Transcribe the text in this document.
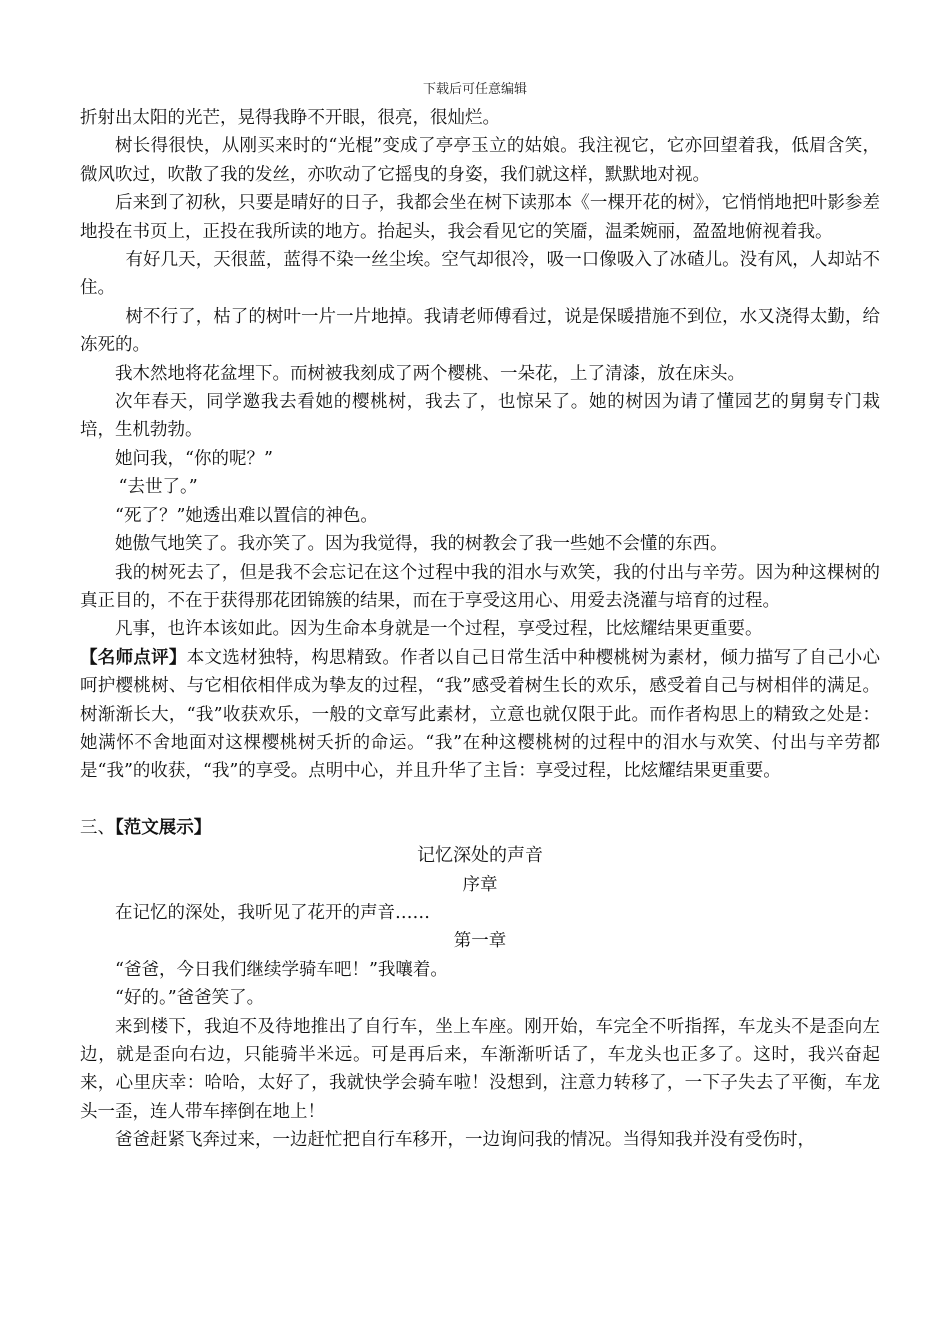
下载后可任意编辑

折射出太阳的光芒，晃得我睁不开眼，很亮，很灿烂。

树长得很快，从刚买来时的“光棍”变成了亭亭玉立的姑娘。我注视它，它亦回望着我，低眉含笑，微风吹过，吹散了我的发丝，亦吹动了它摇曳的身姿，我们就这样，默默地对视。

后来到了初秋，只要是晴好的日子，我都会坐在树下读那本《一棵开花的树》，它悄悄地把叶影参差地投在书页上，正投在我所读的地方。抬起头，我会看见它的笑靥，温柔婉丽，盈盈地俯视着我。

有好几天，天很蓝，蓝得不染一丝尘埃。空气却很冷，吸一口像吸入了冰碴儿。没有风，人却站不住。

树不行了，枯了的树叶一片一片地掉。我请老师傅看过，说是保暖措施不到位，水又浇得太勤，给冻死的。

我木然地将花盆埋下。而树被我刻成了两个樱桃、一朵花，上了清漆，放在床头。

次年春天，同学邀我去看她的樱桃树，我去了，也惊呆了。她的树因为请了懂园艺的舅舅专门栽培，生机勃勃。

她问我，“你的呢？”

“去世了。”

“死了？”她透出难以置信的神色。

她傲气地笑了。我亦笑了。因为我觉得，我的树教会了我一些她不会懂的东西。

我的树死去了，但是我不会忘记在这个过程中我的泪水与欢笑，我的付出与辛劳。因为种这棵树的真正目的，不在于获得那花团锦簇的结果，而在于享受这用心、用爱去浇灌与培育的过程。

凡事，也许本该如此。因为生命本身就是一个过程，享受过程，比炫耀结果更重要。

【名师点评】本文选材独特，构思精致。作者以自己日常生活中种樱桃树为素材，倾力描写了自己小心呵护樱桃树、与它相依相伴成为挚友的过程，“我”感受着树生长的欢乐，感受着自己与树相伴的满足。树渐渐长大，“我”收获欢乐，一般的文章写此素材，立意也就仅限于此。而作者构思上的精致之处是：她满怀不舍地面对这棵樱桃树夭折的命运。“我”在种这樱桃树的过程中的泪水与欢笑、付出与辛劳都是“我”的收获，“我”的享受。点明中心，并且升华了主旨：享受过程，比炫耀结果更重要。

三、【范文展示】

记忆深处的声音

序章

在记忆的深处，我听见了花开的声音……

第一章

“爸爸，今日我们继续学骑车吧！”我嚷着。

“好的。”爸爸笑了。

来到楼下，我迫不及待地推出了自行车，坐上车座。刚开始，车完全不听指挥，车龙头不是歪向左边，就是歪向右边，只能骑半米远。可是再后来，车渐渐听话了，车龙头也正多了。这时，我兴奋起来，心里庆幸：哈哈，太好了，我就快学会骑车啦！没想到，注意力转移了，一下子失去了平衡，车龙头一歪，连人带车摔倒在地上！

爸爸赶紧飞奔过来，一边赶忙把自行车移开，一边询问我的情况。当得知我并没有受伤时，
